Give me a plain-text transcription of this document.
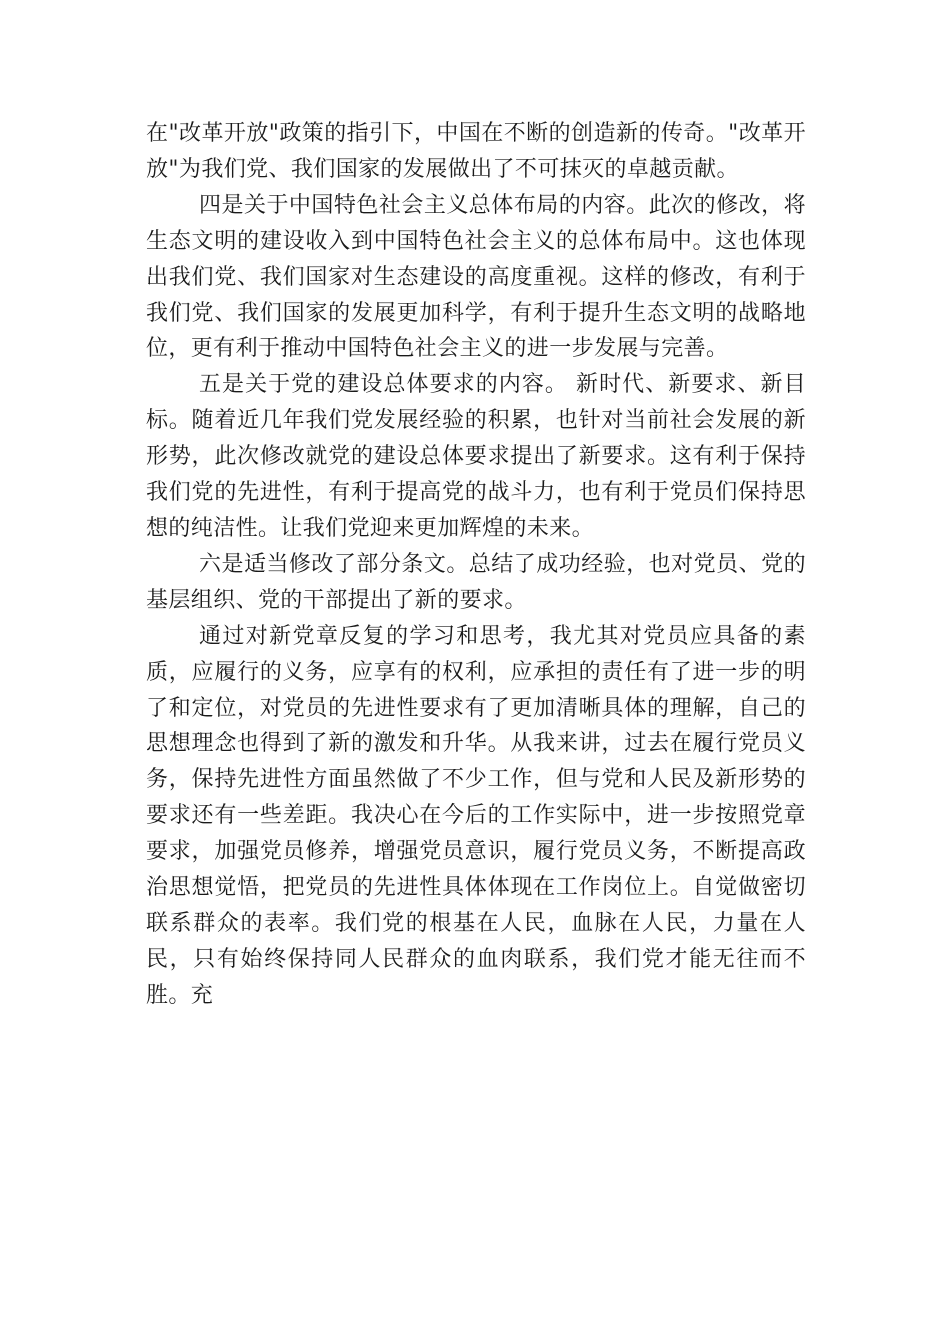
在"改革开放"政策的指引下，中国在不断的创造新的传奇。"改革开放"为我们党、我们国家的发展做出了不可抹灭的卓越贡献。

四是关于中国特色社会主义总体布局的内容。此次的修改，将生态文明的建设收入到中国特色社会主义的总体布局中。这也体现出我们党、我们国家对生态建设的高度重视。这样的修改，有利于我们党、我们国家的发展更加科学，有利于提升生态文明的战略地位，更有利于推动中国特色社会主义的进一步发展与完善。

五是关于党的建设总体要求的内容。 新时代、新要求、新目标。随着近几年我们党发展经验的积累，也针对当前社会发展的新形势，此次修改就党的建设总体要求提出了新要求。这有利于保持我们党的先进性，有利于提高党的战斗力，也有利于党员们保持思想的纯洁性。让我们党迎来更加辉煌的未来。

六是适当修改了部分条文。总结了成功经验，也对党员、党的基层组织、党的干部提出了新的要求。

通过对新党章反复的学习和思考，我尤其对党员应具备的素质，应履行的义务，应享有的权利，应承担的责任有了进一步的明了和定位，对党员的先进性要求有了更加清晰具体的理解，自己的思想理念也得到了新的激发和升华。从我来讲，过去在履行党员义务，保持先进性方面虽然做了不少工作，但与党和人民及新形势的要求还有一些差距。我决心在今后的工作实际中，进一步按照党章要求，加强党员修养，增强党员意识，履行党员义务，不断提高政治思想觉悟，把党员的先进性具体体现在工作岗位上。自觉做密切联系群众的表率。我们党的根基在人民，血脉在人民，力量在人民，只有始终保持同人民群众的血肉联系，我们党才能无往而不胜。充
